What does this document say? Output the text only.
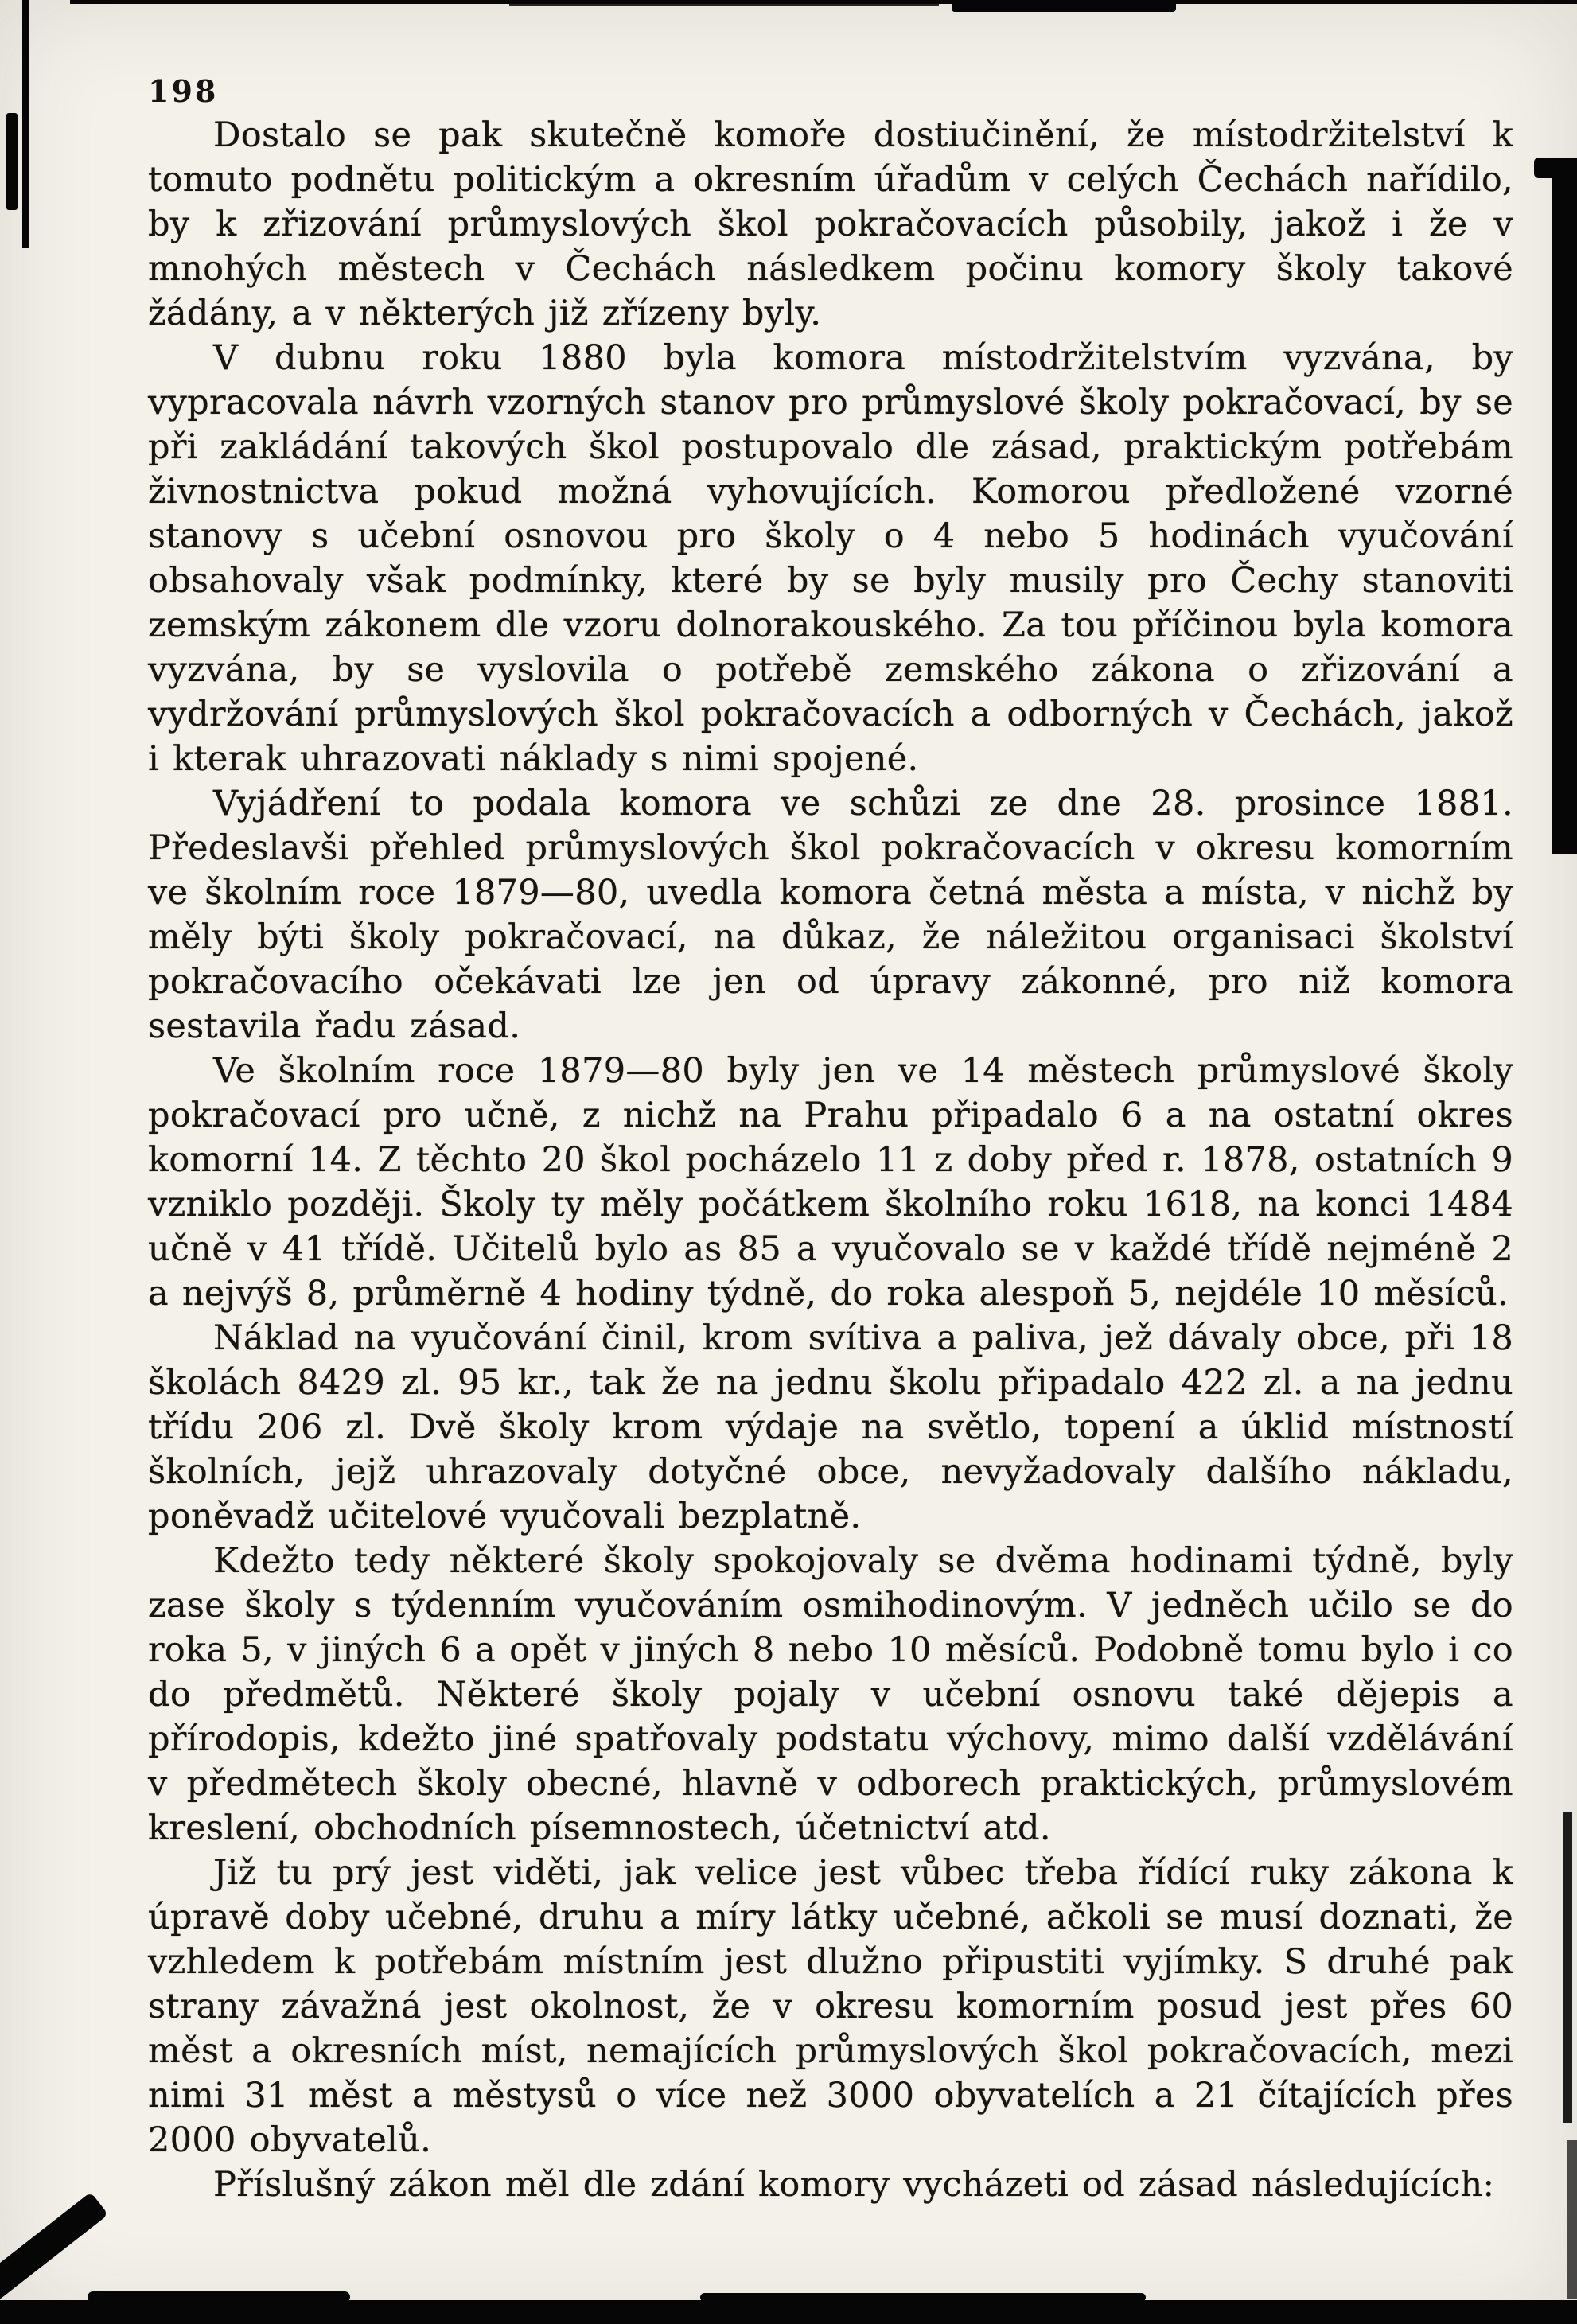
198

Dostalo se pak skutečně komoře dostiučinění, že místodržitelství k tomuto podnětu politickým a okresním úřadům v celých Čechách nařídilo, by k zřizování průmyslových škol pokračovacích působily, jakož i že v mnohých městech v Čechách následkem počinu komory školy takové žádány, a v některých již zřízeny byly.

V dubnu roku 1880 byla komora místodržitelstvím vyzvána, by vypracovala návrh vzorných stanov pro průmyslové školy pokračovací, by se při zakládání takových škol postupovalo dle zásad, praktickým potřebám živnostnictva pokud možná vyhovujících. Komorou předložené vzorné stanovy s učební osnovou pro školy o 4 nebo 5 hodinách vyučování obsahovaly však podmínky, které by se byly musily pro Čechy stanoviti zemským zákonem dle vzoru dolnorakouského. Za tou příčinou byla komora vyzvána, by se vyslovila o potřebě zemského zákona o zřizování a vydržování průmyslových škol pokračovacích a odborných v Čechách, jakož i kterak uhrazovati náklady s nimi spojené.

Vyjádření to podala komora ve schůzi ze dne 28. prosince 1881. Předeslavši přehled průmyslových škol pokračovacích v okresu komorním ve školním roce 1879—80, uvedla komora četná města a místa, v nichž by měly býti školy pokračovací, na důkaz, že náležitou organisaci školství pokračovacího očekávati lze jen od úpravy zákonné, pro niž komora sestavila řadu zásad.

Ve školním roce 1879—80 byly jen ve 14 městech průmyslové školy pokračovací pro učně, z nichž na Prahu připadalo 6 a na ostatní okres komorní 14. Z těchto 20 škol pocházelo 11 z doby před r. 1878, ostatních 9 vzniklo později. Školy ty měly počátkem školního roku 1618, na konci 1484 učně v 41 třídě. Učitelů bylo as 85 a vyučovalo se v každé třídě nejméně 2 a nejvýš 8, průměrně 4 hodiny týdně, do roka alespoň 5, nejdéle 10 měsíců.

Náklad na vyučování činil, krom svítiva a paliva, jež dávaly obce, při 18 školách 8429 zl. 95 kr., tak že na jednu školu připadalo 422 zl. a na jednu třídu 206 zl. Dvě školy krom výdaje na světlo, topení a úklid místností školních, jejž uhrazovaly dotyčné obce, nevyžadovaly dalšího nákladu, poněvadž učitelové vyučovali bezplatně.

Kdežto tedy některé školy spokojovaly se dvěma hodinami týdně, byly zase školy s týdenním vyučováním osmihodinovým. V jedněch učilo se do roka 5, v jiných 6 a opět v jiných 8 nebo 10 měsíců. Podobně tomu bylo i co do předmětů. Některé školy pojaly v učební osnovu také dějepis a přírodopis, kdežto jiné spatřovaly podstatu výchovy, mimo další vzdělávání v předmětech školy obecné, hlavně v odborech praktických, průmyslovém kreslení, obchodních písemnostech, účetnictví atd.

Již tu prý jest viděti, jak velice jest vůbec třeba řídící ruky zákona k úpravě doby učebné, druhu a míry látky učebné, ačkoli se musí doznati, že vzhledem k potřebám místním jest dlužno připustiti vyjímky. S druhé pak strany závažná jest okolnost, že v okresu komorním posud jest přes 60 měst a okresních míst, nemajících průmyslových škol pokračovacích, mezi nimi 31 měst a městysů o více než 3000 obyvatelích a 21 čítajících přes 2000 obyvatelů.

Příslušný zákon měl dle zdání komory vycházeti od zásad následujících:
